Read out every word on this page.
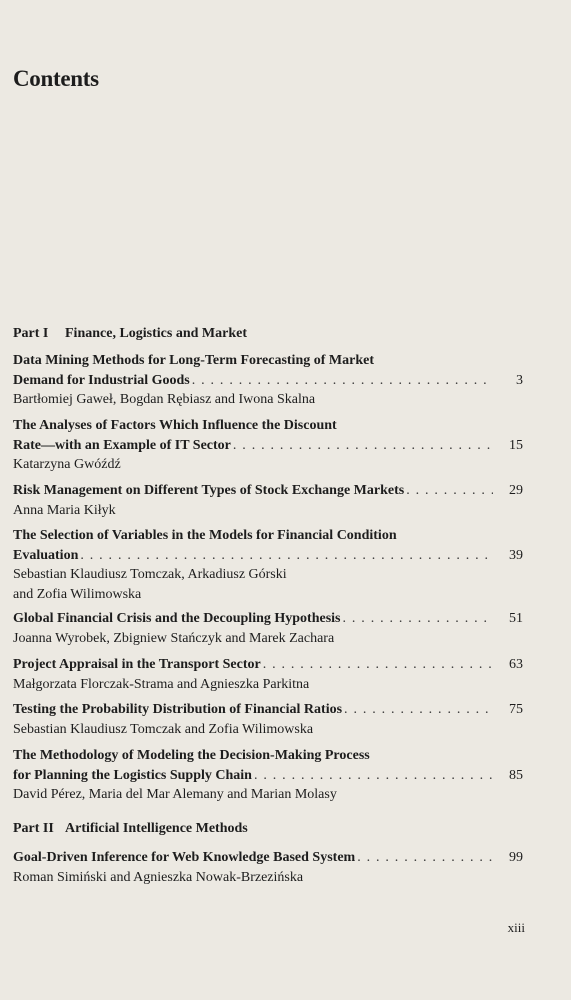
Contents
Part I Finance, Logistics and Market
Data Mining Methods for Long-Term Forecasting of Market
Demand for Industrial Goods . . .	3
Bartłomiej Gaweł, Bogdan Rębiasz and Iwona Skalna
The Analyses of Factors Which Influence the Discount
Rate—with an Example of IT Sector . . .	15
Katarzyna Gwóźdź
Risk Management on Different Types of Stock Exchange Markets . . .	29
Anna Maria Kiłyk
The Selection of Variables in the Models for Financial Condition
Evaluation . . .	39
Sebastian Klaudiusz Tomczak, Arkadiusz Górski
and Zofia Wilimowska
Global Financial Crisis and the Decoupling Hypothesis . . .	51
Joanna Wyrobek, Zbigniew Stańczyk and Marek Zachara
Project Appraisal in the Transport Sector . . .	63
Małgorzata Florczak-Strama and Agnieszka Parkitna
Testing the Probability Distribution of Financial Ratios . . .	75
Sebastian Klaudiusz Tomczak and Zofia Wilimowska
The Methodology of Modeling the Decision-Making Process
for Planning the Logistics Supply Chain . . .	85
David Pérez, Maria del Mar Alemany and Marian Molasy
Part II Artificial Intelligence Methods
Goal-Driven Inference for Web Knowledge Based System . . .	99
Roman Simiński and Agnieszka Nowak-Brzezińska
xiii
